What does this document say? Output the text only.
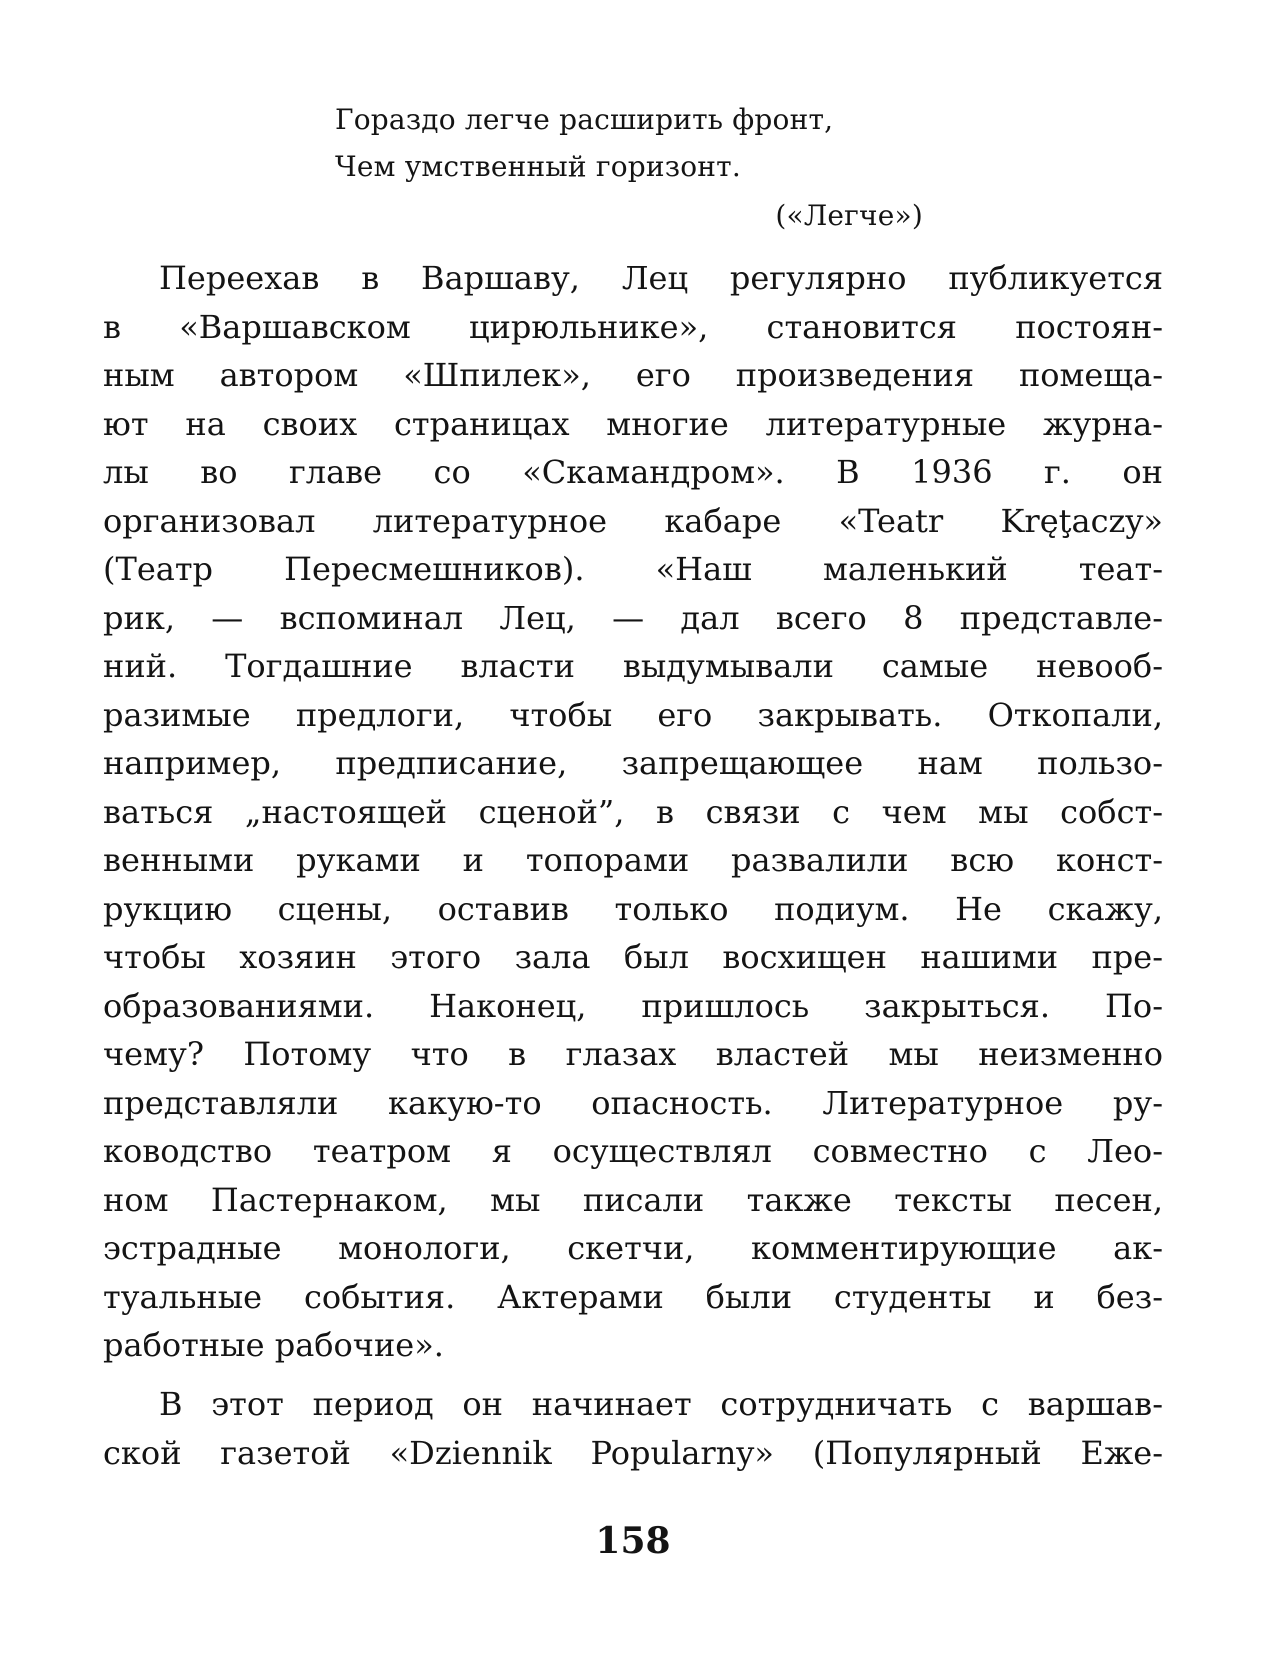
Гораздо легче расширить фронт,
Чем умственный горизонт.
(«Легче»)
Переехав в Варшаву, Лец регулярно публикуется
в «Варшавском цирюльнике», становится постоян-
ным автором «Шпилек», его произведения помеща-
ют на своих страницах многие литературные журна-
лы во главе со «Скамандром». В 1936 г. он
организовал литературное кабаре «Teatr Kręţaczy»
(Театр Пересмешников). «Наш маленький теат-
рик, — вспоминал Лец, — дал всего 8 представле-
ний. Тогдашние власти выдумывали самые невооб-
разимые предлоги, чтобы его закрывать. Откопали,
например, предписание, запрещающее нам пользо-
ваться „настоящей сценой”, в связи с чем мы собст-
венными руками и топорами развалили всю конст-
рукцию сцены, оставив только подиум. Не скажу,
чтобы хозяин этого зала был восхищен нашими пре-
образованиями. Наконец, пришлось закрыться. По-
чему? Потому что в глазах властей мы неизменно
представляли какую-то опасность. Литературное ру-
ководство театром я осуществлял совместно с Лео-
ном Пастернаком, мы писали также тексты песен,
эстрадные монологи, скетчи, комментирующие ак-
туальные события. Актерами были студенты и без-
работные рабочие».
В этот период он начинает сотрудничать с варшав-
ской газетой «Dziennik Popularny» (Популярный Еже-
158
